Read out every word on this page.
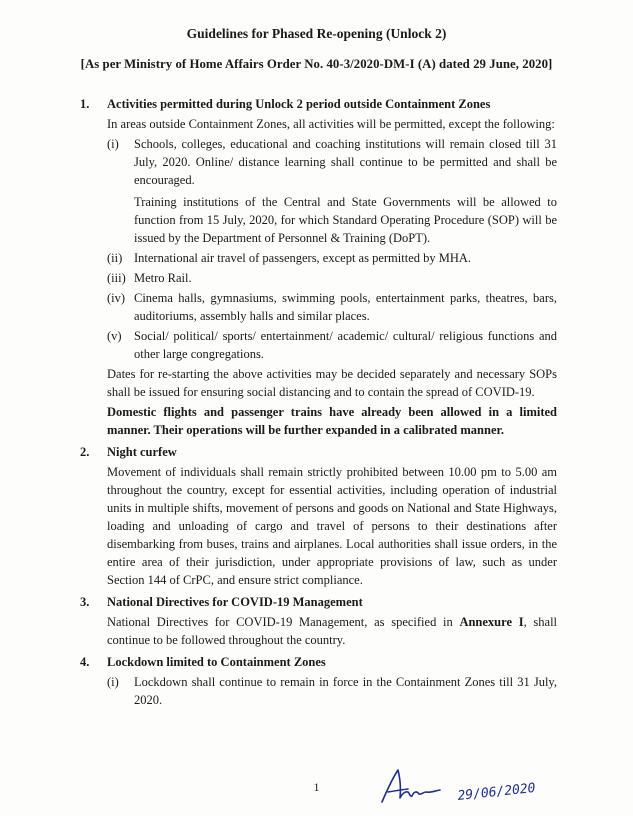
Guidelines for Phased Re-opening (Unlock 2)
[As per Ministry of Home Affairs Order No. 40-3/2020-DM-I (A) dated 29 June, 2020]
1. Activities permitted during Unlock 2 period outside Containment Zones
In areas outside Containment Zones, all activities will be permitted, except the following:
(i)	Schools, colleges, educational and coaching institutions will remain closed till 31 July, 2020. Online/ distance learning shall continue to be permitted and shall be encouraged.
Training institutions of the Central and State Governments will be allowed to function from 15 July, 2020, for which Standard Operating Procedure (SOP) will be issued by the Department of Personnel & Training (DoPT).
(ii) International air travel of passengers, except as permitted by MHA.
(iii) Metro Rail.
(iv) Cinema halls, gymnasiums, swimming pools, entertainment parks, theatres, bars, auditoriums, assembly halls and similar places.
(v) Social/ political/ sports/ entertainment/ academic/ cultural/ religious functions and other large congregations.
Dates for re-starting the above activities may be decided separately and necessary SOPs shall be issued for ensuring social distancing and to contain the spread of COVID-19.
Domestic flights and passenger trains have already been allowed in a limited manner. Their operations will be further expanded in a calibrated manner.
2. Night curfew
Movement of individuals shall remain strictly prohibited between 10.00 pm to 5.00 am throughout the country, except for essential activities, including operation of industrial units in multiple shifts, movement of persons and goods on National and State Highways, loading and unloading of cargo and travel of persons to their destinations after disembarking from buses, trains and airplanes. Local authorities shall issue orders, in the entire area of their jurisdiction, under appropriate provisions of law, such as under Section 144 of CrPC, and ensure strict compliance.
3. National Directives for COVID-19 Management
National Directives for COVID-19 Management, as specified in Annexure I, shall continue to be followed throughout the country.
4. Lockdown limited to Containment Zones
(i)	Lockdown shall continue to remain in force in the Containment Zones till 31 July, 2020.
1	29/06/2020
